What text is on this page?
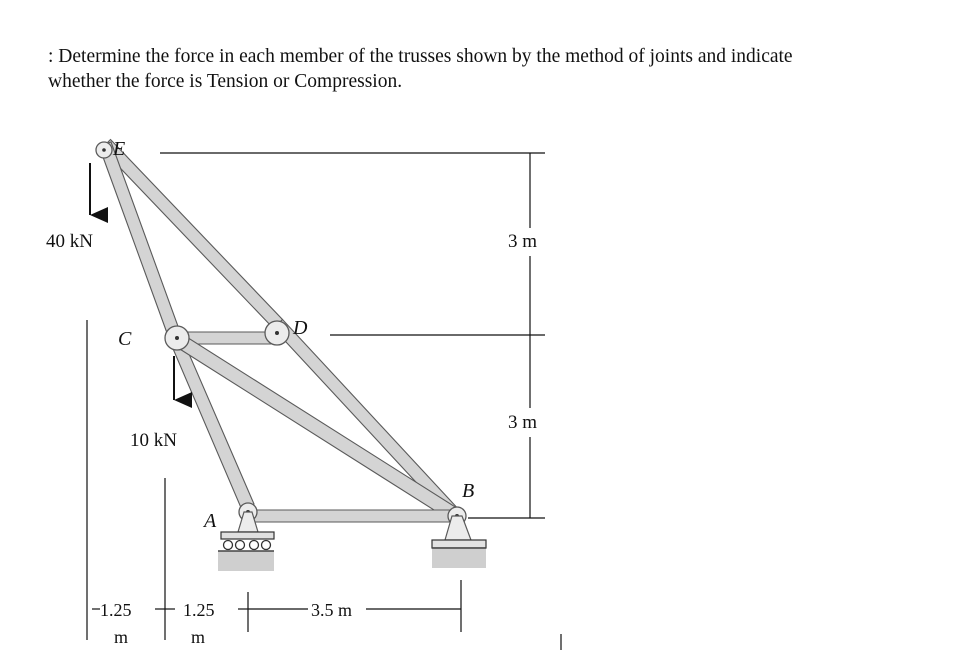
: Determine the force in each member of the trusses shown by the method of joints and indicate

whether the force is Tension or Compression.

E
C	D
A
B
40 kN
10 kN
3 m
3 m
1.25
m
1.25
m
3.5 m
